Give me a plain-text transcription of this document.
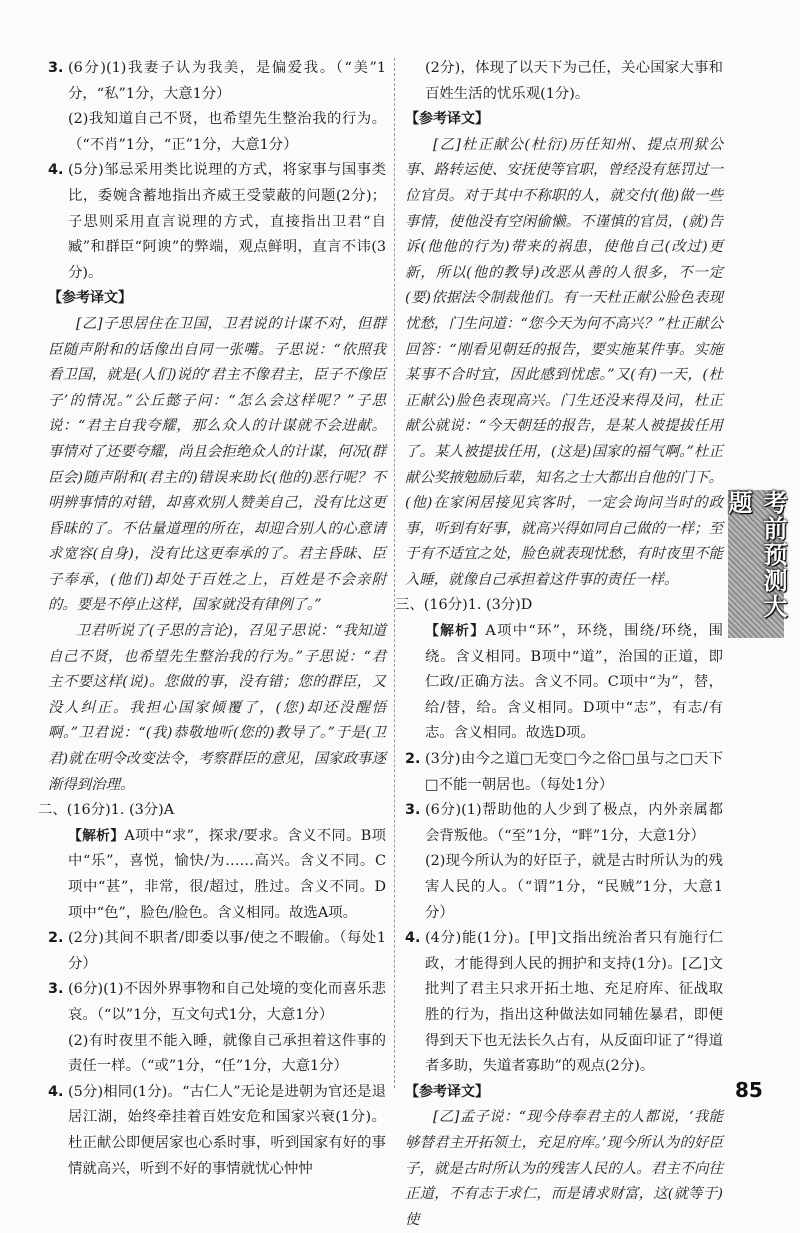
3. (6分)(1)我妻子认为我美，是偏爱我。（“美”1分，“私”1分，大意1分）

(2)我知道自己不贤，也希望先生整治我的行为。（“不肖”1分，“正”1分，大意1分）

4. (5分)邹忌采用类比说理的方式，将家事与国事类比，委婉含蓄地指出齐威王受蒙蔽的问题(2分)；子思则采用直言说理的方式，直接指出卫君“自臧”和群臣“阿谀”的弊端，观点鲜明，直言不讳(3分)。

【参考译文】

[乙]子思居住在卫国，卫君说的计谋不对，但群臣随声附和的话像出自同一张嘴。子思说：“依照我看卫国，就是(人们)说的‘君主不像君主，臣子不像臣子’的情况。”公丘懿子问：“怎么会这样呢？”子思说：“君主自我夸耀，那么众人的计谋就不会进献。事情对了还要夸耀，尚且会拒绝众人的计谋，何况(群臣会)随声附和(君主的)错误来助长(他的)恶行呢？不明辨事情的对错，却喜欢别人赞美自己，没有比这更昏昧的了。不估量道理的所在，却迎合别人的心意请求宽容(自身)，没有比这更奉承的了。君主昏昧、臣子奉承，(他们)却处于百姓之上，百姓是不会亲附的。要是不停止这样，国家就没有律例了。”

卫君听说了(子思的言论)，召见子思说：“我知道自己不贤，也希望先生整治我的行为。”子思说：“君主不要这样(说)。您做的事，没有错；您的群臣，又没人纠正。我担心国家倾覆了，(您)却还没醒悟啊。”卫君说：“(我)恭敬地听(您的)教导了。”于是(卫君)就在明令改变法令，考察群臣的意见，国家政事逐渐得到治理。

二、(16分)1. (3分)A

【解析】A项中“求”，探求/要求。含义不同。B项中“乐”，喜悦，愉快/为……高兴。含义不同。C项中“甚”，非常，很/超过，胜过。含义不同。D项中“色”，脸色/脸色。含义相同。故选A项。

2. (2分)其间不职者/即委以事/使之不暇偷。（每处1分）

3. (6分)(1)不因外界事物和自己处境的变化而喜乐悲哀。（“以”1分，互文句式1分，大意1分）

(2)有时夜里不能入睡，就像自己承担着这件事的责任一样。（“或”1分，“任”1分，大意1分）

4. (5分)相同(1分)。“古仁人”无论是进朝为官还是退居江湖，始终牵挂着百姓安危和国家兴衰(1分)。杜正献公即便居家也心系时事，听到国家有好的事情就高兴，听到不好的事情就忧心忡忡

(2分)，体现了以天下为己任，关心国家大事和百姓生活的忧乐观(1分)。

【参考译文】

[乙]杜正献公(杜衍)历任知州、提点刑狱公事、路转运使、安抚使等官职，曾经没有惩罚过一位官员。对于其中不称职的人，就交付(他)做一些事情，使他没有空闲偷懒。不谨慎的官员，(就)告诉(他他的行为)带来的祸患，使他自己(改过)更新，所以(他的教导)改恶从善的人很多，不一定(要)依据法令制裁他们。有一天杜正献公脸色表现忧愁，门生问道：“您今天为何不高兴？”杜正献公回答：“刚看见朝廷的报告，要实施某件事。实施某事不合时宜，因此感到忧虑。”又(有)一天，(杜正献公)脸色表现高兴。门生还没来得及问，杜正献公就说：“今天朝廷的报告，是某人被提拔任用了。某人被提拔任用，(这是)国家的福气啊。”杜正献公奖掖勉励后辈，知名之士大都出自他的门下。(他)在家闲居接见宾客时，一定会询问当时的政事，听到有好事，就高兴得如同自己做的一样；至于有不适宜之处，脸色就表现忧愁，有时夜里不能入睡，就像自己承担着这件事的责任一样。

三、(16分)1. (3分)D

【解析】A项中“环”，环绕，围绕/环绕，围绕。含义相同。B项中“道”，治国的正道，即仁政/正确方法。含义不同。C项中“为”，替，给/替，给。含义相同。D项中“志”，有志/有志。含义相同。故选D项。

2. (3分)由今之道□无变□今之俗□虽与之□天下□不能一朝居也。（每处1分）

3. (6分)(1)帮助他的人少到了极点，内外亲属都会背叛他。（“至”1分，“畔”1分，大意1分）

(2)现今所认为的好臣子，就是古时所认为的残害人民的人。（“谓”1分，“民贼”1分，大意1分）

4. (4分)能(1分)。[甲]文指出统治者只有施行仁政，才能得到人民的拥护和支持(1分)。[乙]文批判了君主只求开拓土地、充足府库、征战取胜的行为，指出这种做法如同辅佐暴君，即便得到天下也无法长久占有，从反面印证了“得道者多助，失道者寡助”的观点(2分)。

【参考译文】

[乙]孟子说：“现今侍奉君主的人都说，‘我能够替君主开拓领土，充足府库。’现今所认为的好臣子，就是古时所认为的残害人民的人。君主不向往正道，不有志于求仁，而是请求财富，这(就等于)使

考前预测大题
85
